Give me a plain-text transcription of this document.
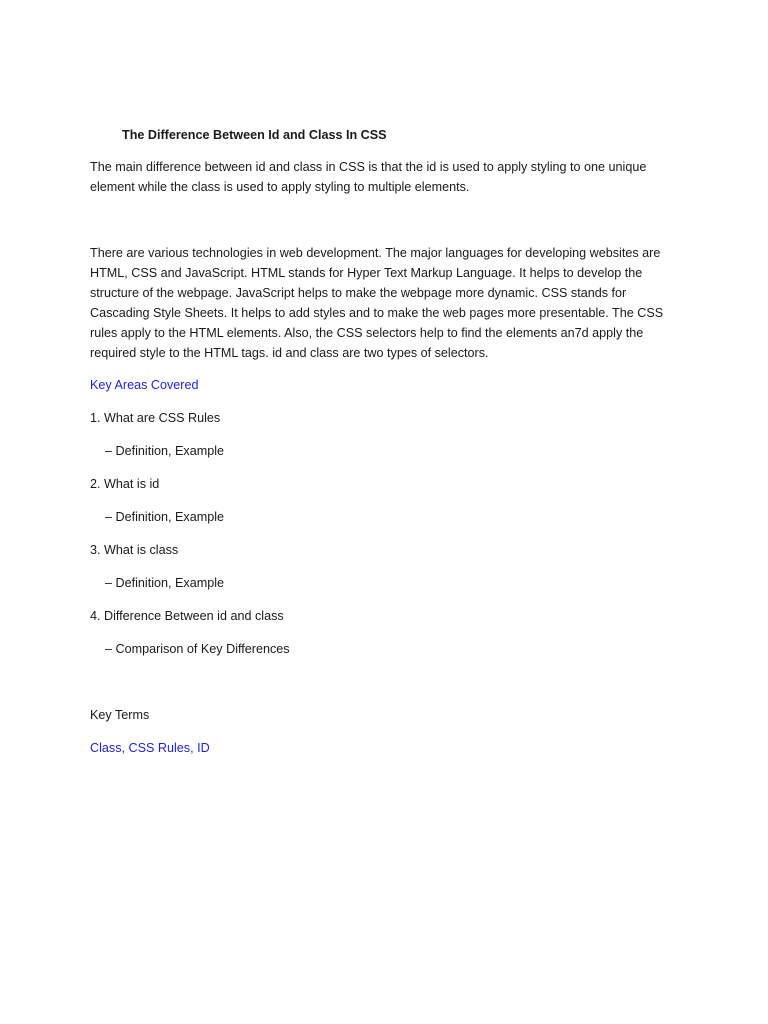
The Difference Between Id and Class In CSS

The main difference between id and class in CSS is that the id is used to apply styling to one unique element while the class is used to apply styling to multiple elements.

There are various technologies in web development. The major languages for developing websites are HTML, CSS and JavaScript. HTML stands for Hyper Text Markup Language. It helps to develop the structure of the webpage. JavaScript helps to make the webpage more dynamic. CSS stands for Cascading Style Sheets. It helps to add styles and to make the web pages more presentable. The CSS rules apply to the HTML elements. Also, the CSS selectors help to find the elements an7d apply the required style to the HTML tags. id and class are two types of selectors.

Key Areas Covered

1. What are CSS Rules

– Definition, Example

2. What is id

– Definition, Example

3. What is class

– Definition, Example

4. Difference Between id and class

– Comparison of Key Differences

Key Terms

Class, CSS Rules, ID
